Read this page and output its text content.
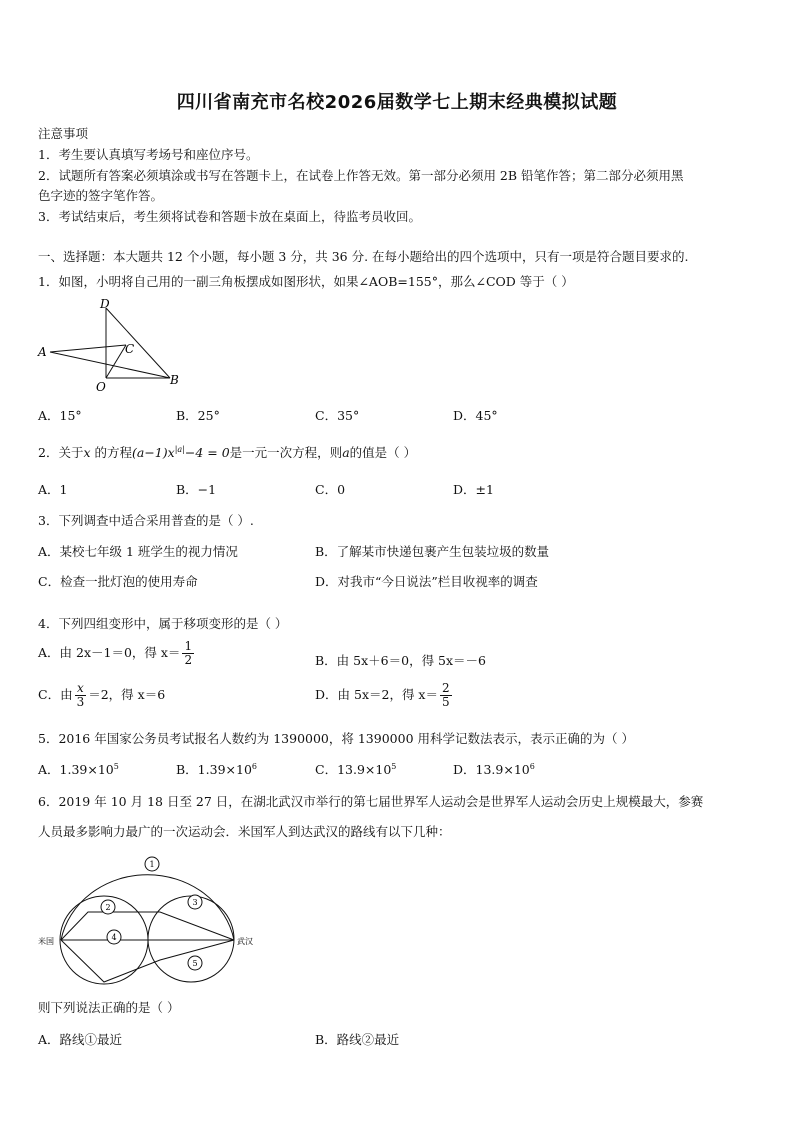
四川省南充市名校2026届数学七上期末经典模拟试题
注意事项
1．考生要认真填写考场号和座位序号。
2．试题所有答案必须填涂或书写在答题卡上，在试卷上作答无效。第一部分必须用 2B 铅笔作答；第二部分必须用黑
色字迹的签字笔作答。
3．考试结束后，考生须将试卷和答题卡放在桌面上，待监考员收回。
一、选择题：本大题共 12 个小题，每小题 3 分，共 36 分. 在每小题给出的四个选项中，只有一项是符合题目要求的.
1．如图，小明将自己用的一副三角板摆成如图形状，如果∠AOB=155°，那么∠COD 等于（ ）
D
A	C
O	B
A．15°	B．25°	C．35°	D．45°
2．关于x 的方程$(a-1)x^{|a|}-4 = 0$是一元一次方程，则a的值是（ ）
A．1	B．−1	C．0	D．±1
3．下列调查中适合采用普查的是（ ）.
A．某校七年级 1 班学生的视力情况	B．了解某市快递包裹产生包装垃圾的数量
C．检查一批灯泡的使用寿命	D．对我市“今日说法”栏目收视率的调查
4．下列四组变形中，属于移项变形的是（ ）
A．由 2x－1＝0，得 $x= \frac{1}{2}$	B．由 5x＋6＝0，得 5x＝－6
C．由 $\frac{x}{3} =2$，得 x＝6	D．由 5x＝2，得 $x= \frac{2}{5}$
5．2016 年国家公务员考试报名人数约为 1390000，将 1390000 用科学记数法表示，表示正确的为（ ）
A．$1.39\times 10^5$	B．$1.39\times 10^6$	C．$13.9\times 10^5$	D．$13.9\times 10^6$
6．2019 年 10 月 18 日至 27 日，在湖北武汉市举行的第七届世界军人运动会是世界军人运动会历史上规模最大，参赛
人员最多影响力最广的一次运动会．米国军人到达武汉的路线有以下几种：
1
2
3
4
5
米国	武汉
则下列说法正确的是（ ）
A．路线①最近	B．路线②最近
